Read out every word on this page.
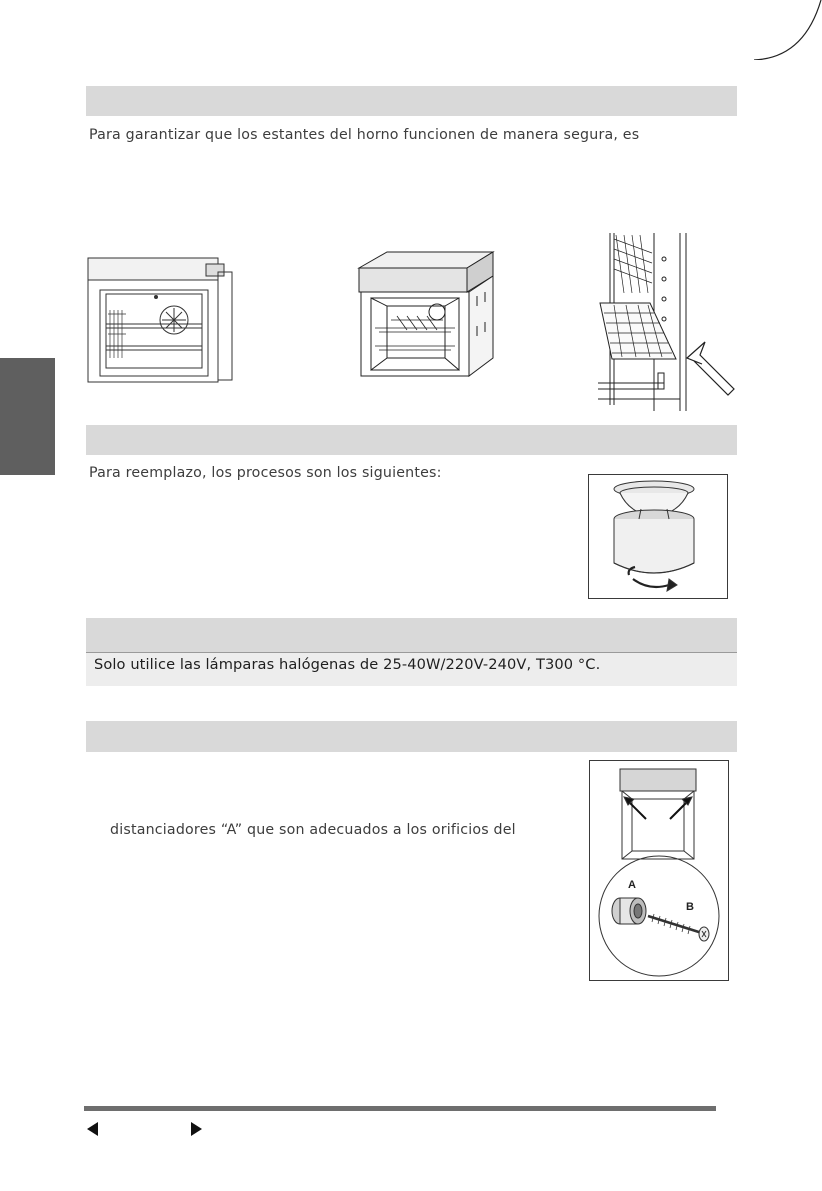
Para garantizar que los estantes del horno funcionen de manera segura, es
Para reemplazo, los procesos son los siguientes:
Solo utilice las lámparas halógenas de 25-40W/220V-240V, T300 °C.
distanciadores “A” que son adecuados a los orificios del
A
B
